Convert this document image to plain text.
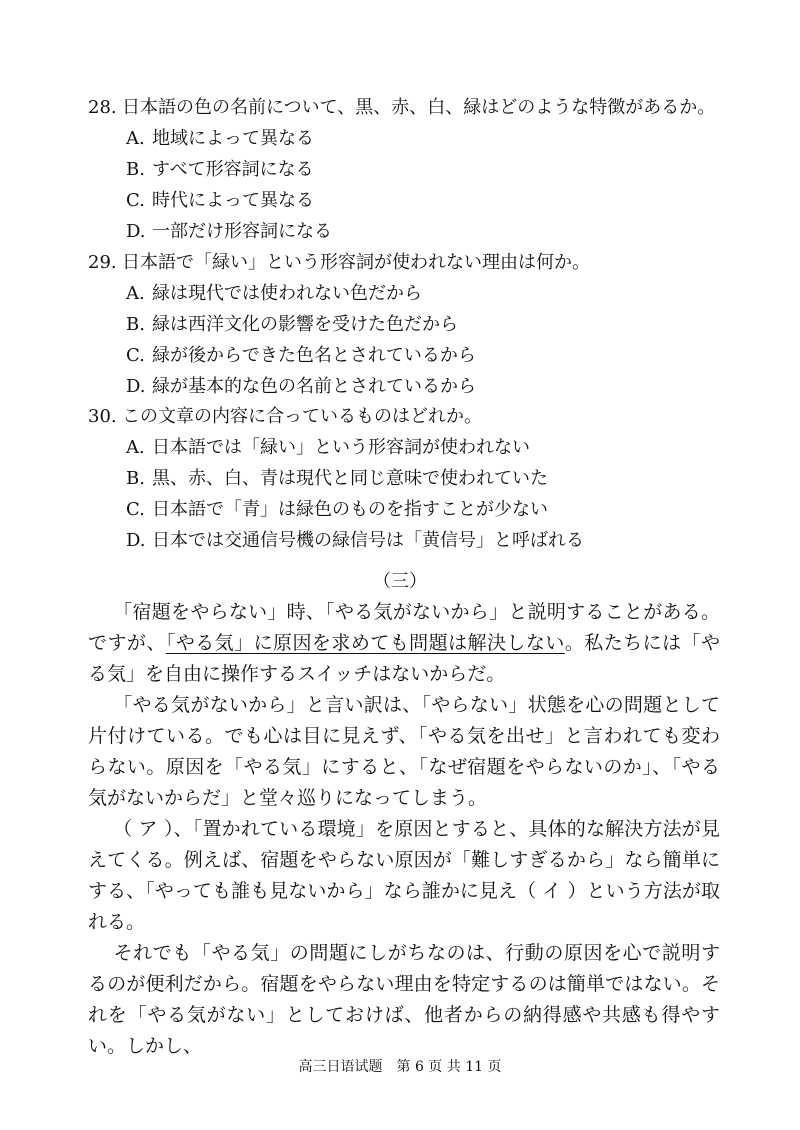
28. 日本語の色の名前について、黒、赤、白、緑はどのような特徴があるか。
A. 地域によって異なる
B. すべて形容詞になる
C. 時代によって異なる
D. 一部だけ形容詞になる
29. 日本語で「緑い」という形容詞が使われない理由は何か。
A. 緑は現代では使われない色だから
B. 緑は西洋文化の影響を受けた色だから
C. 緑が後からできた色名とされているから
D. 緑が基本的な色の名前とされているから
30. この文章の内容に合っているものはどれか。
A. 日本語では「緑い」という形容詞が使われない
B. 黒、赤、白、青は現代と同じ意味で使われていた
C. 日本語で「青」は緑色のものを指すことが少ない
D. 日本では交通信号機の緑信号は「黄信号」と呼ばれる
（三）

「宿題をやらない」時、「やる気がないから」と説明することがある。ですが、「やる気」に原因を求めても問題は解決しない。私たちには「やる気」を自由に操作するスイッチはないからだ。

「やる気がないから」と言い訳は、「やらない」状態を心の問題として片付けている。でも心は目に見えず、「やる気を出せ」と言われても変わらない。原因を「やる気」にすると、「なぜ宿題をやらないのか」、「やる気がないからだ」と堂々巡りになってしまう。

（ ア ）、「置かれている環境」を原因とすると、具体的な解決方法が見えてくる。例えば、宿題をやらない原因が「難しすぎるから」なら簡単にする、「やっても誰も見ないから」なら誰かに見え（ イ ）という方法が取れる。

それでも「やる気」の問題にしがちなのは、行動の原因を心で説明するのが便利だから。宿題をやらない理由を特定するのは簡単ではない。それを「やる気がない」としておけば、他者からの納得感や共感も得やすい。しかし、

高三日语试题　第 6 页 共 11 页
